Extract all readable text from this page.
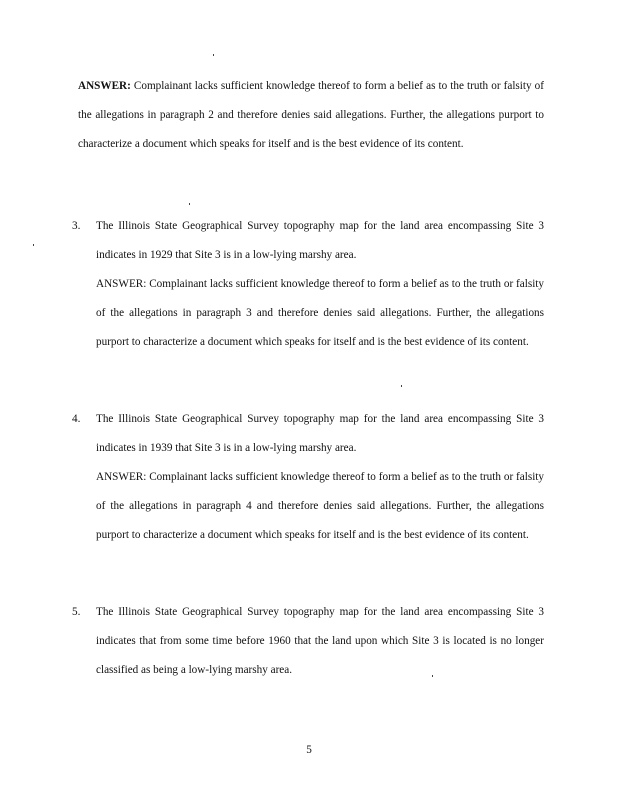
ANSWER: Complainant lacks sufficient knowledge thereof to form a belief as to the truth or falsity of the allegations in paragraph 2 and therefore denies said allegations. Further, the allegations purport to characterize a document which speaks for itself and is the best evidence of its content.

3. The Illinois State Geographical Survey topography map for the land area encompassing Site 3 indicates in 1929 that Site 3 is in a low-lying marshy area.

ANSWER: Complainant lacks sufficient knowledge thereof to form a belief as to the truth or falsity of the allegations in paragraph 3 and therefore denies said allegations. Further, the allegations purport to characterize a document which speaks for itself and is the best evidence of its content.

4. The Illinois State Geographical Survey topography map for the land area encompassing Site 3 indicates in 1939 that Site 3 is in a low-lying marshy area.

ANSWER: Complainant lacks sufficient knowledge thereof to form a belief as to the truth or falsity of the allegations in paragraph 4 and therefore denies said allegations. Further, the allegations purport to characterize a document which speaks for itself and is the best evidence of its content.

5. The Illinois State Geographical Survey topography map for the land area encompassing Site 3 indicates that from some time before 1960 that the land upon which Site 3 is located is no longer classified as being a low-lying marshy area.
5
